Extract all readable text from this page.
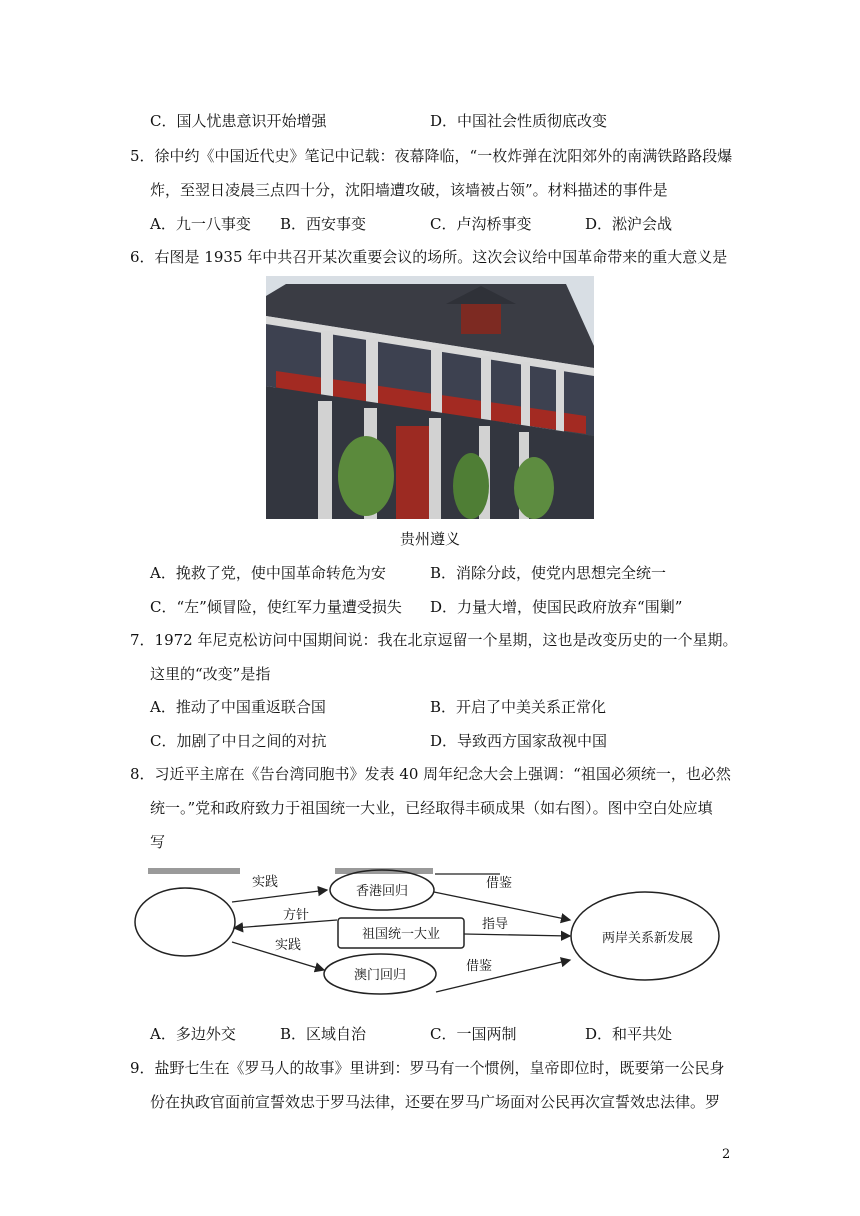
C．国人忧患意识开始增强	D．中国社会性质彻底改变
5．徐中约《中国近代史》笔记中记载：夜幕降临，“一枚炸弹在沈阳郊外的南满铁路路段爆
炸，至翌日凌晨三点四十分，沈阳墙遭攻破，该墙被占领”。材料描述的事件是
A．九一八事变 B．西安事变	C．卢沟桥事变	D．淞沪会战
6．右图是 1935 年中共召开某次重要会议的场所。这次会议给中国革命带来的重大意义是
贵州遵义
A．挽救了党，使中国革命转危为安	B．消除分歧，使党内思想完全统一
C．“左”倾冒险，使红军力量遭受损失 D．力量大增，使国民政府放弃“围剿”
7．1972 年尼克松访问中国期间说：我在北京逗留一个星期，这也是改变历史的一个星期。
这里的“改变”是指
A．推动了中国重返联合国	B．开启了中美关系正常化
C．加剧了中日之间的对抗	D．导致西方国家敌视中国
8．习近平主席在《告台湾同胞书》发表 40 周年纪念大会上强调：“祖国必须统一，也必然
统一。”党和政府致力于祖国统一大业，已经取得丰硕成果（如右图）。图中空白处应填
写
香港回归
祖国统一大业
澳门回归
两岸关系新发展
实践
方针
实践
借鉴
指导
借鉴
A．多边外交	B．区域自治	C．一国两制	D．和平共处
9．盐野七生在《罗马人的故事》里讲到：罗马有一个惯例，皇帝即位时，既要第一公民身
份在执政官面前宣誓效忠于罗马法律，还要在罗马广场面对公民再次宣誓效忠法律。罗
2
